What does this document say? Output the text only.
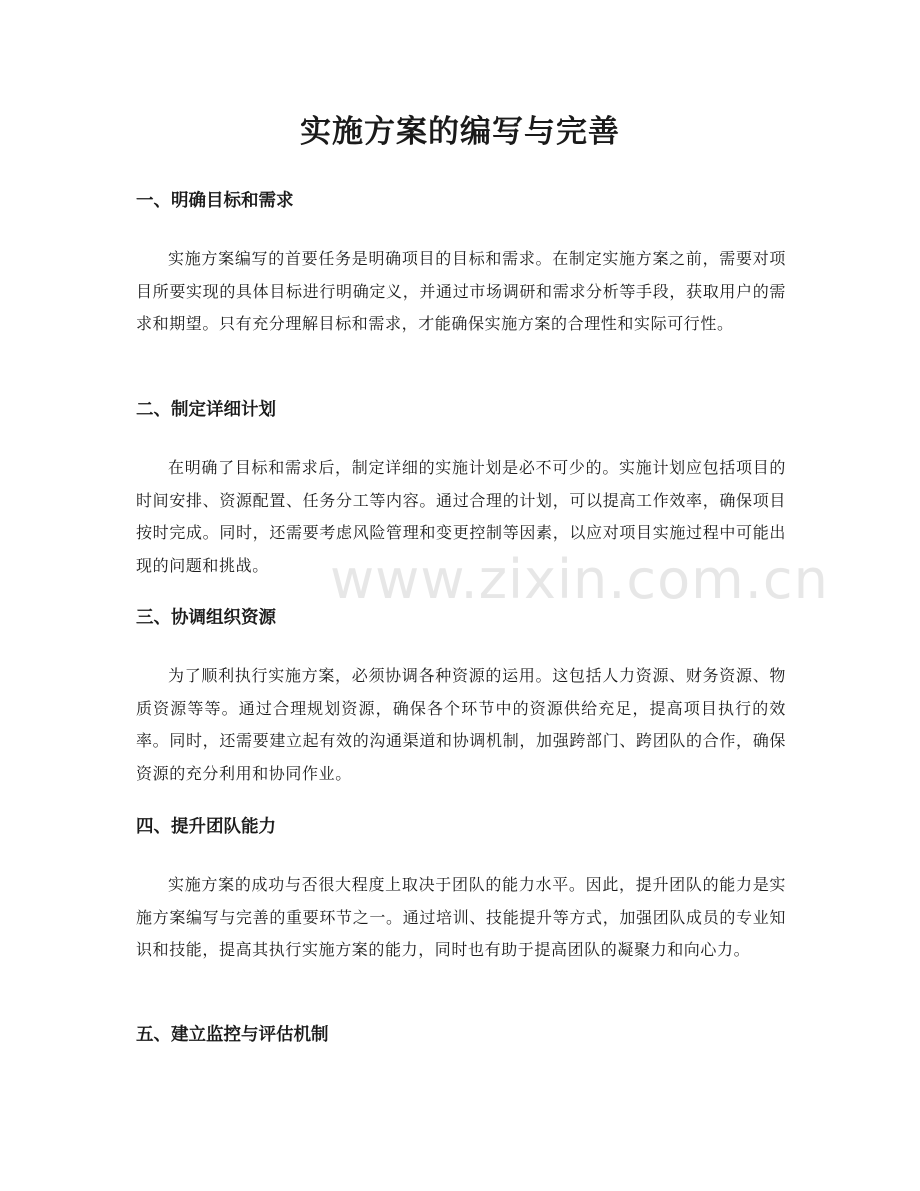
实施方案的编写与完善
一、明确目标和需求

实施方案编写的首要任务是明确项目的目标和需求。在制定实施方案之前，需要对项目所要实现的具体目标进行明确定义，并通过市场调研和需求分析等手段，获取用户的需求和期望。只有充分理解目标和需求，才能确保实施方案的合理性和实际可行性。

二、制定详细计划

在明确了目标和需求后，制定详细的实施计划是必不可少的。实施计划应包括项目的时间安排、资源配置、任务分工等内容。通过合理的计划，可以提高工作效率，确保项目按时完成。同时，还需要考虑风险管理和变更控制等因素，以应对项目实施过程中可能出现的问题和挑战。

三、协调组织资源

为了顺利执行实施方案，必须协调各种资源的运用。这包括人力资源、财务资源、物质资源等等。通过合理规划资源，确保各个环节中的资源供给充足，提高项目执行的效率。同时，还需要建立起有效的沟通渠道和协调机制，加强跨部门、跨团队的合作，确保资源的充分利用和协同作业。

四、提升团队能力

实施方案的成功与否很大程度上取决于团队的能力水平。因此，提升团队的能力是实施方案编写与完善的重要环节之一。通过培训、技能提升等方式，加强团队成员的专业知识和技能，提高其执行实施方案的能力，同时也有助于提高团队的凝聚力和向心力。

五、建立监控与评估机制
www.zixin.com.cn
